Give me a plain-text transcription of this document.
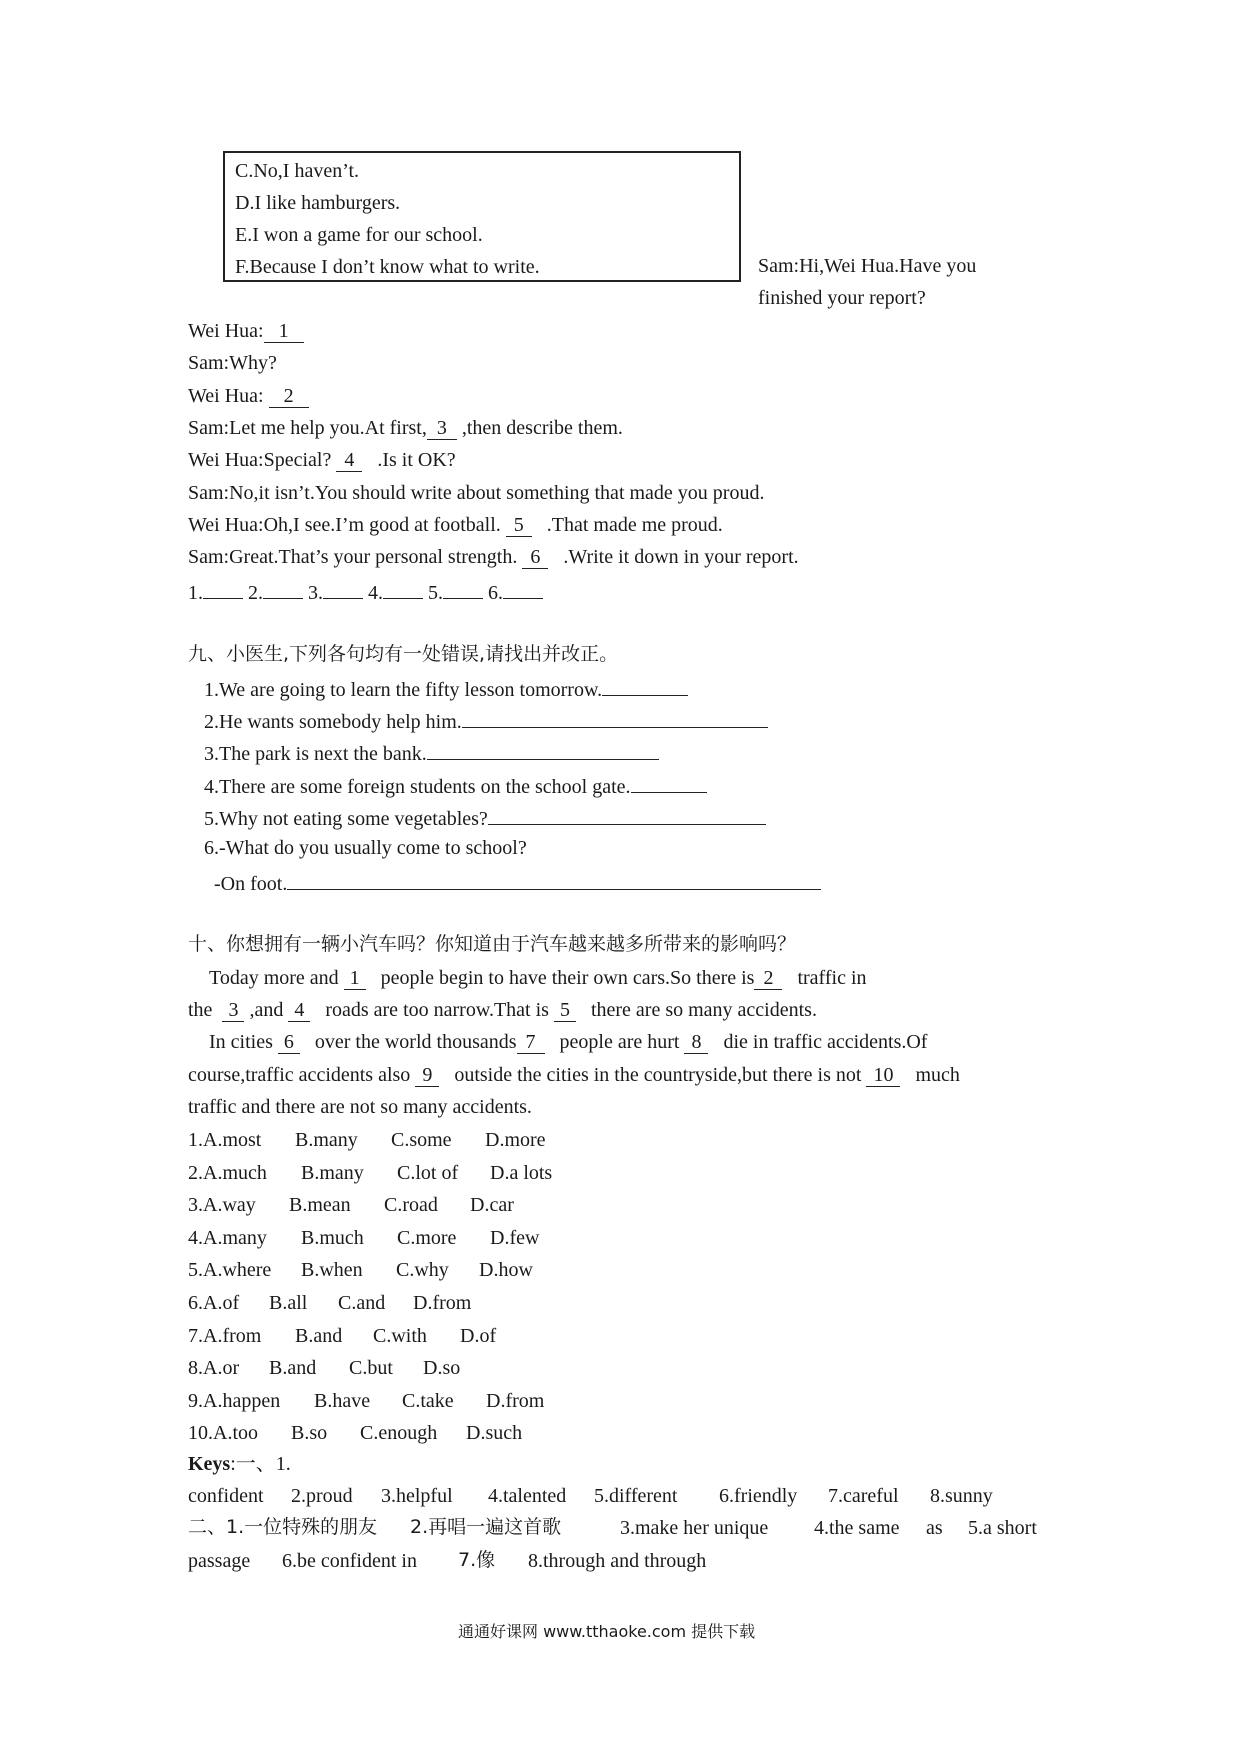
C.No,I haven’t.
D.I like hamburgers.
E.I won a game for our school.
F.Because I don’t know what to write.	Sam:Hi,Wei Hua.Have you
finished your report?
Wei Hua: 1
Sam:Why?
Wei Hua: 2
Sam:Let me help you.At first, 3 ,then describe them.
Wei Hua:Special? 4 .Is it OK?
Sam:No,it isn’t.You should write about something that made you proud.
Wei Hua:Oh,I see.I’m good at football. 5 .That made me proud.
Sam:Great.That’s your personal strength. 6 .Write it down in your report.
1. 2. 3. 4. 5. 6.
九、小医生,下列各句均有一处错误,请找出并改正。
1.We are going to learn the fifty lesson tomorrow.
2.He wants somebody help him.
3.The park is next the bank.
4.There are some foreign students on the school gate.
5.Why not eating some vegetables?
6.-What do you usually come to school?
-On foot.
十、你想拥有一辆小汽车吗？你知道由于汽车越来越多所带来的影响吗？
Today more and 1   people begin to have their own cars.So there is 2   traffic in
the  3 ,and 4   roads are too narrow.That is 5   there are so many accidents.
In cities 6   over the world thousands 7   people are hurt 8   die in traffic accidents.Of
course,traffic accidents also 9   outside the cities in the countryside,but there is not 10   much
traffic and there are not so many accidents.
1.A.most B.many C.some D.more
2.A.much B.many C.lot of D.a lots
3.A.way B.mean C.road D.car
4.A.many B.much C.more D.few
5.A.where B.when C.why D.how
6.A.of B.all C.and D.from
7.A.from B.and C.with D.of
8.A.or B.and C.but D.so
9.A.happen B.have C.take D.from
10.A.too B.so C.enough D.such
Keys:一、1.
confident 2.proud 3.helpful 4.talented 5.different 6.friendly 7.careful 8.sunny
二、1.一位特殊的朋友 2.再唱一遍这首歌	3.make her unique 4.the same as 5.a short
passage 6.be confident in 7.像 8.through and through
通通好课网 www.tthaoke.com 提供下载
